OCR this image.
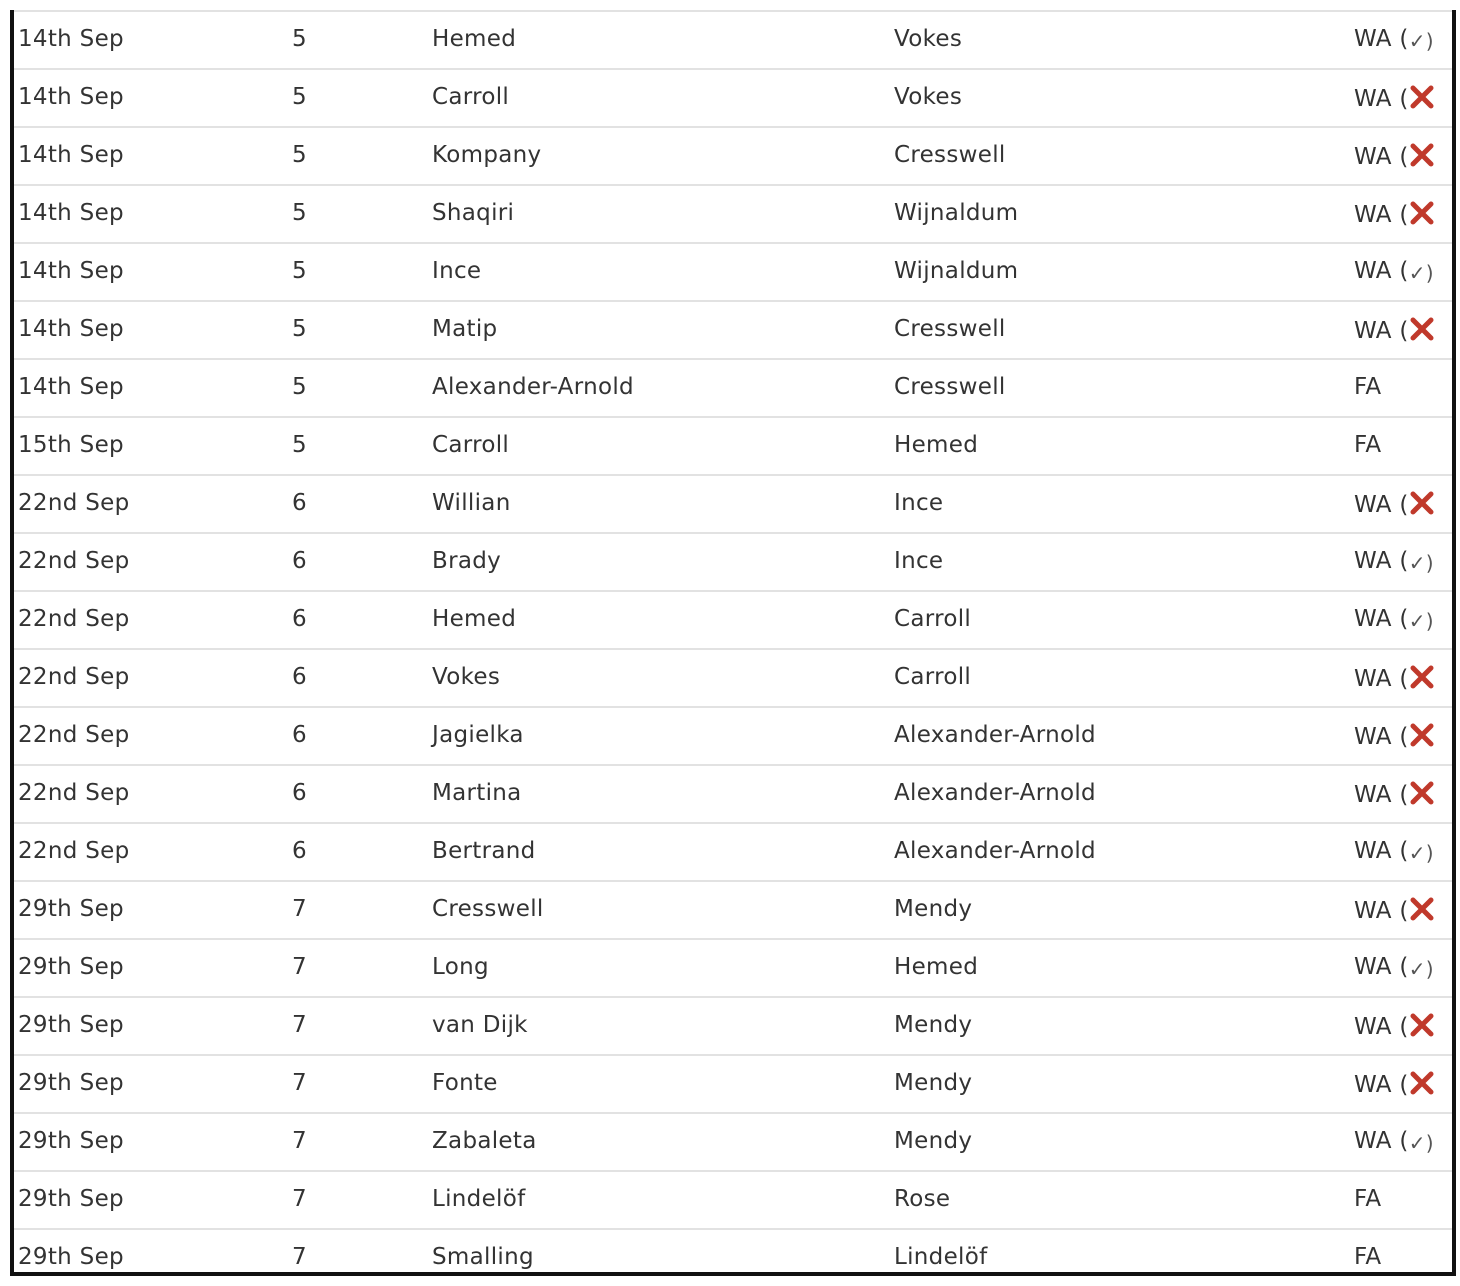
14th Sep	5	Hemed	Vokes	WA (✓)
14th Sep	5	Carroll	Vokes	WA (
14th Sep	5	Kompany	Cresswell	WA (
14th Sep	5	Shaqiri	Wijnaldum	WA (
14th Sep	5	Ince	Wijnaldum	WA (✓)
14th Sep	5	Matip	Cresswell	WA (
14th Sep	5	Alexander-Arnold	Cresswell	FA
15th Sep	5	Carroll	Hemed	FA
22nd Sep	6	Willian	Ince	WA (
22nd Sep	6	Brady	Ince	WA (✓)
22nd Sep	6	Hemed	Carroll	WA (✓)
22nd Sep	6	Vokes	Carroll	WA (
22nd Sep	6	Jagielka	Alexander-Arnold	WA (
22nd Sep	6	Martina	Alexander-Arnold	WA (
22nd Sep	6	Bertrand	Alexander-Arnold	WA (✓)
29th Sep	7	Cresswell	Mendy	WA (
29th Sep	7	Long	Hemed	WA (✓)
29th Sep	7	van Dijk	Mendy	WA (
29th Sep	7	Fonte	Mendy	WA (
29th Sep	7	Zabaleta	Mendy	WA (✓)
29th Sep	7	Lindelöf	Rose	FA
29th Sep	7	Smalling	Lindelöf	FA
